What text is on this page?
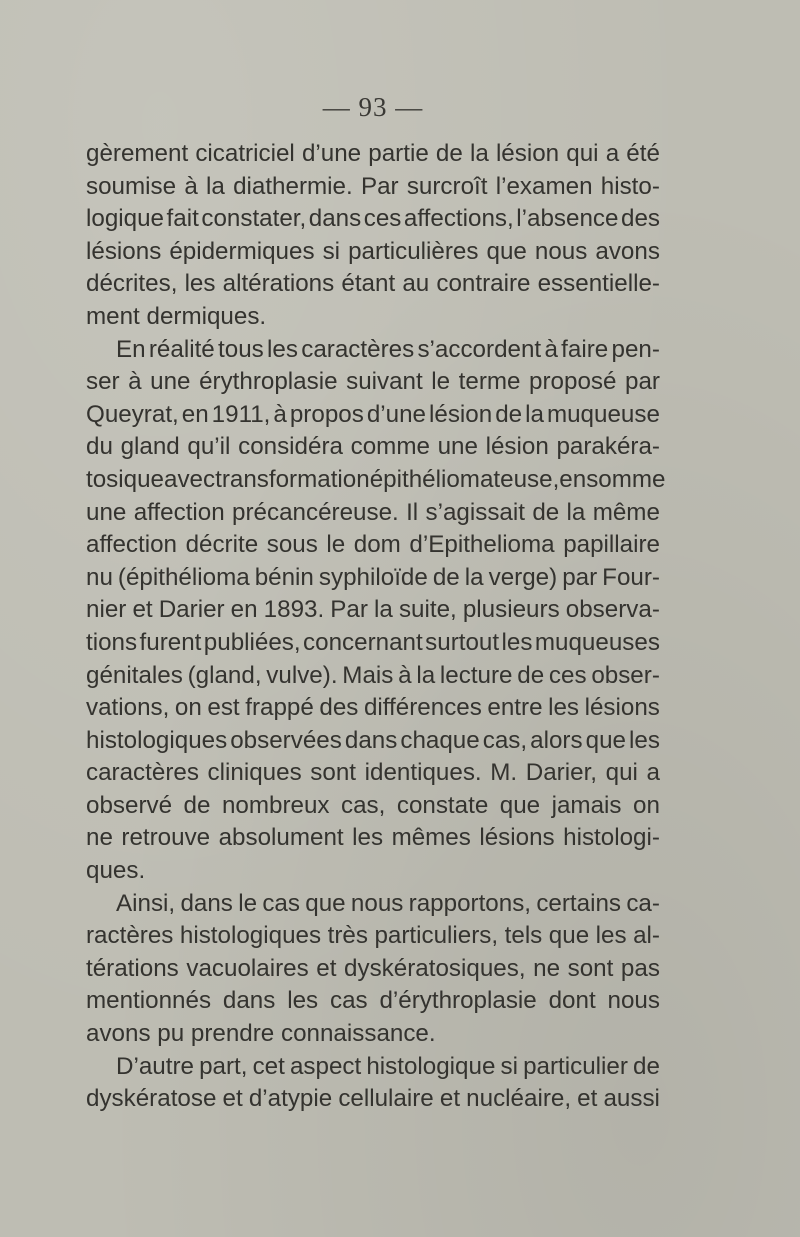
— 93 —
gèrement cicatriciel d’une partie de la lésion qui a été
soumise à la diathermie. Par surcroît l’examen histo-
logique fait constater, dans ces affections, l’absence des
lésions épidermiques si particulières que nous avons
décrites, les altérations étant au contraire essentielle-
ment dermiques.
En réalité tous les caractères s’accordent à faire pen-
ser à une érythroplasie suivant le terme proposé par
Queyrat, en 1911, à propos d’une lésion de la muqueuse
du gland qu’il considéra comme une lésion parakéra-
tosique avec transformation épithéliomateuse, en somme
une affection précancéreuse. Il s’agissait de la même
affection décrite sous le dom d’Epithelioma papillaire
nu (épithélioma bénin syphiloïde de la verge) par Four-
nier et Darier en 1893. Par la suite, plusieurs observa-
tions furent publiées, concernant surtout les muqueuses
génitales (gland, vulve). Mais à la lecture de ces obser-
vations, on est frappé des différences entre les lésions
histologiques observées dans chaque cas, alors que les
caractères cliniques sont identiques. M. Darier, qui a
observé de nombreux cas, constate que jamais on
ne retrouve absolument les mêmes lésions histologi-
ques.
Ainsi, dans le cas que nous rapportons, certains ca-
ractères histologiques très particuliers, tels que les al-
térations vacuolaires et dyskératosiques, ne sont pas
mentionnés dans les cas d’érythroplasie dont nous
avons pu prendre connaissance.
D’autre part, cet aspect histologique si particulier de
dyskératose et d’atypie cellulaire et nucléaire, et aussi
